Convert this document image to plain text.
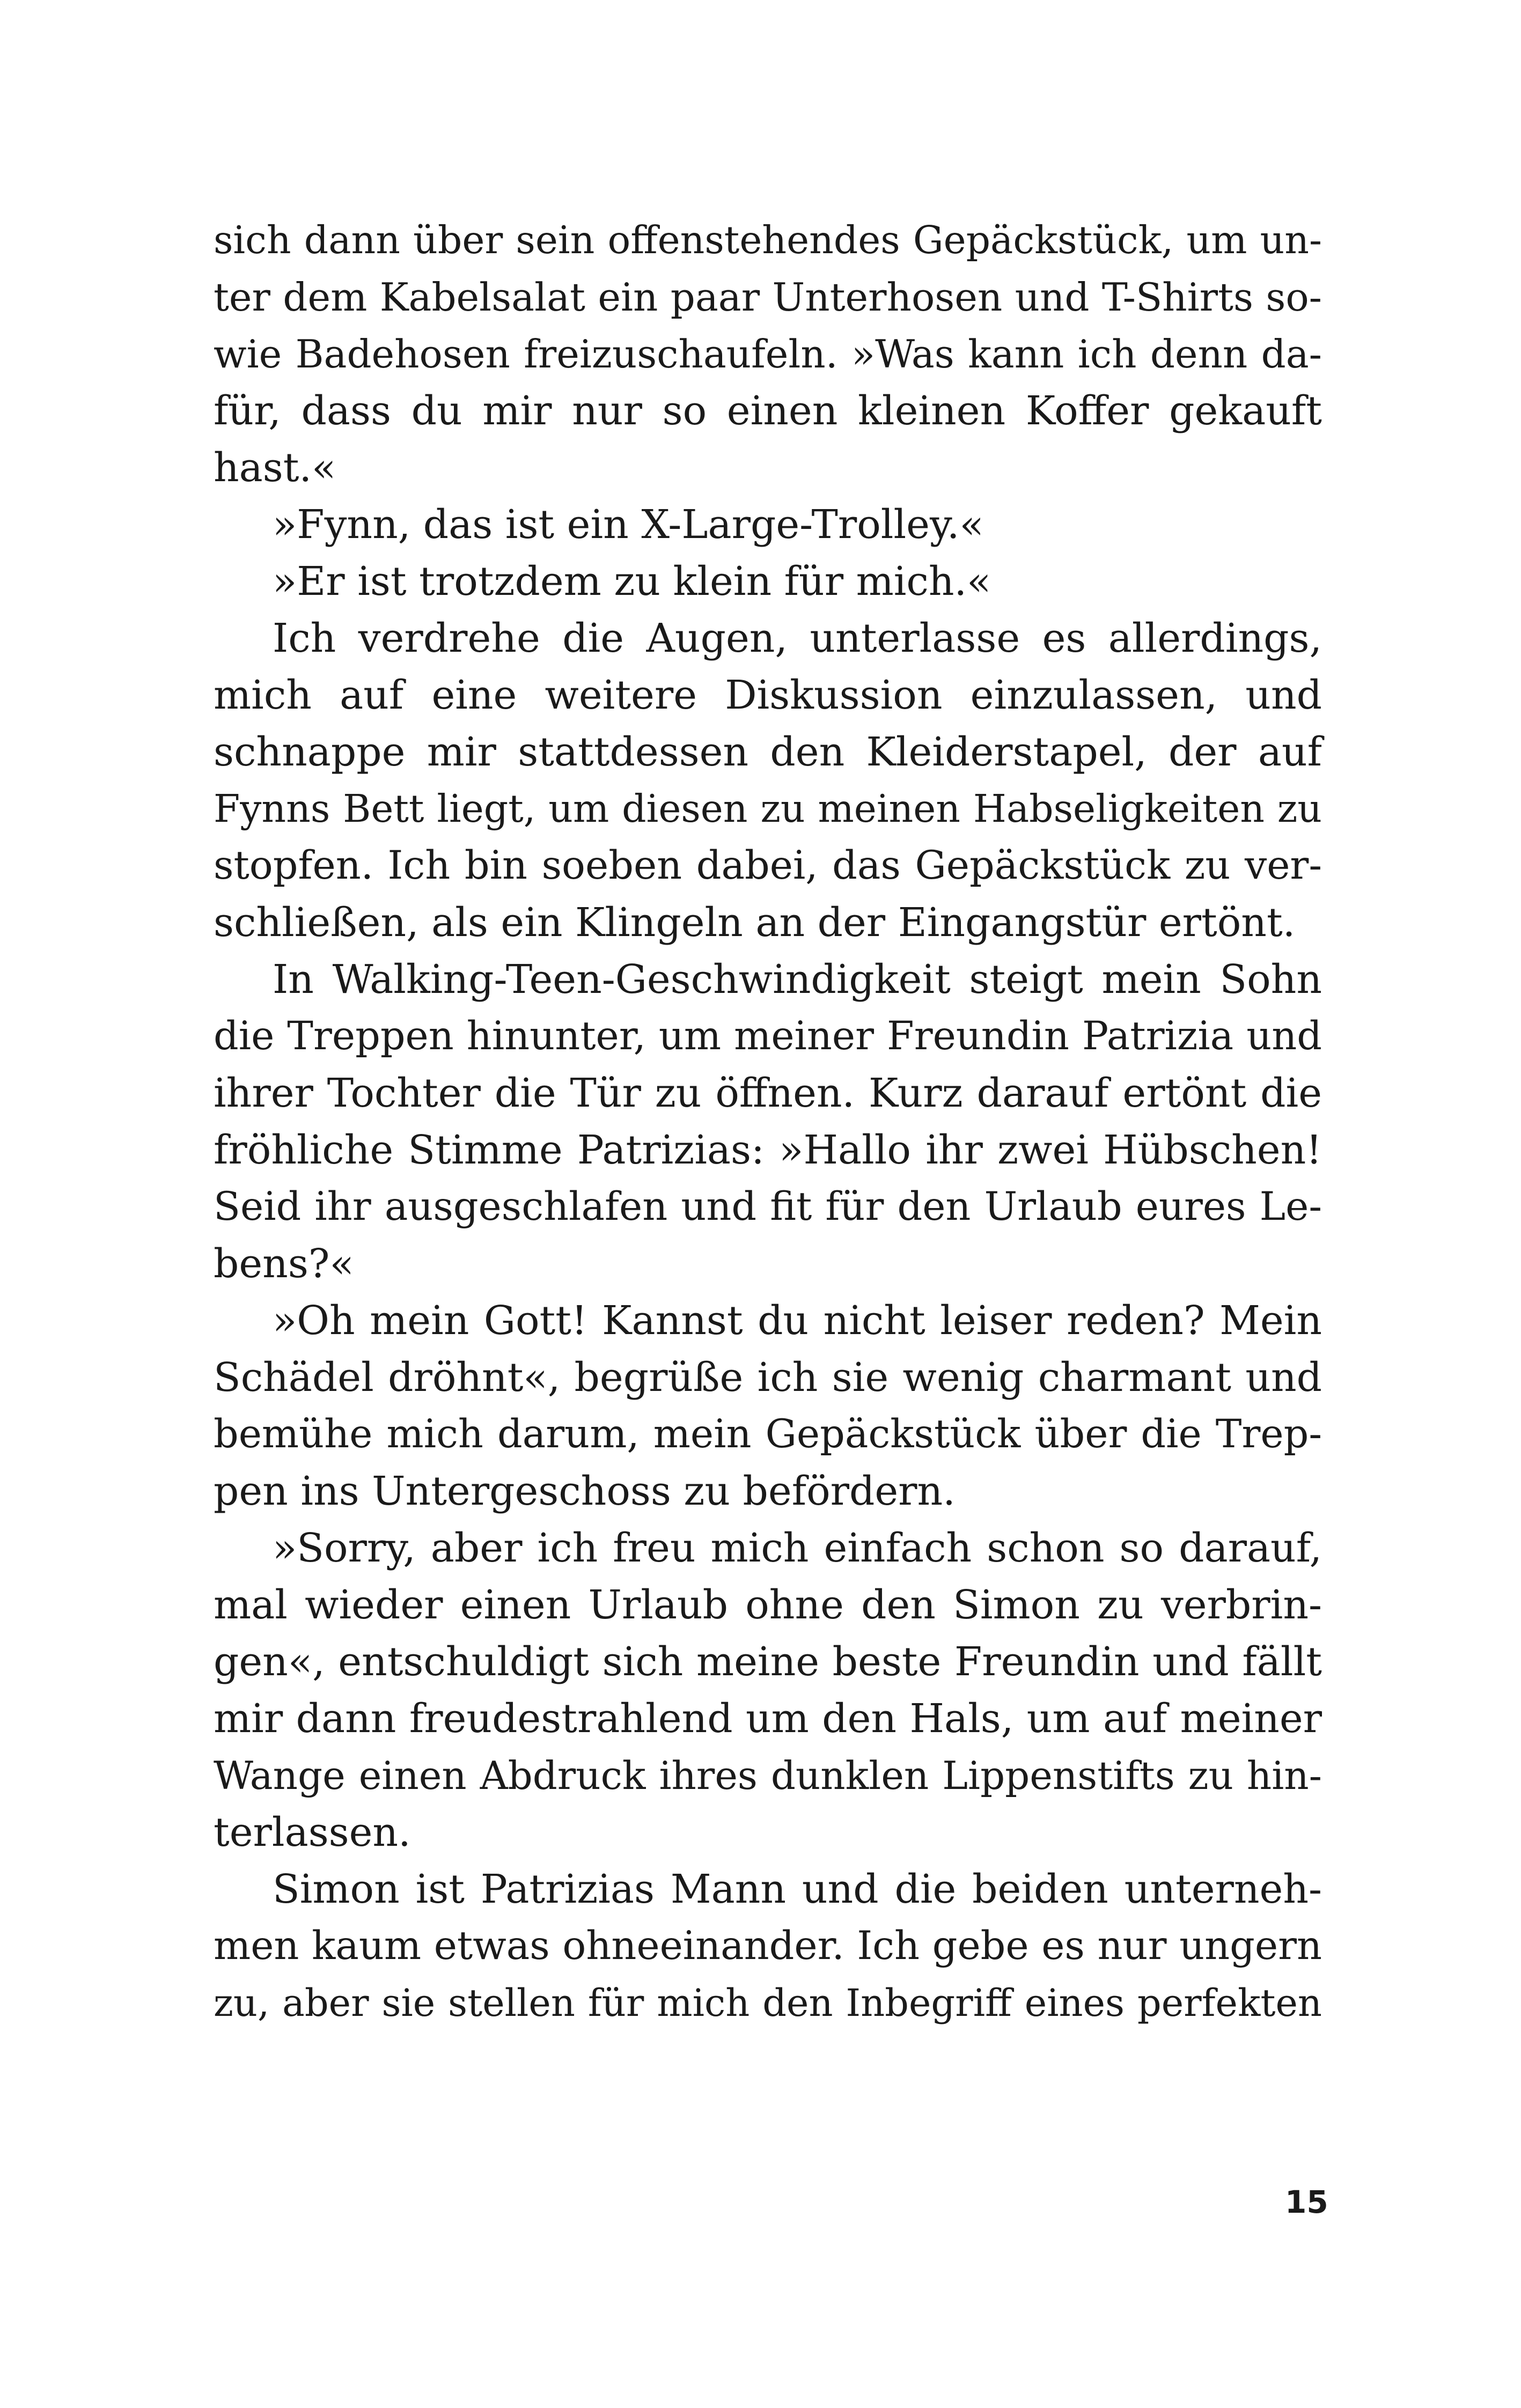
sich dann über sein offenstehendes Gepäckstück, um un-
ter dem Kabelsalat ein paar Unterhosen und T-Shirts so-
wie Badehosen freizuschaufeln. »Was kann ich denn da-
für, dass du mir nur so einen kleinen Koffer gekauft
hast.«
»Fynn, das ist ein X-Large-Trolley.«
»Er ist trotzdem zu klein für mich.«
Ich verdrehe die Augen, unterlasse es allerdings,
mich auf eine weitere Diskussion einzulassen, und
schnappe mir stattdessen den Kleiderstapel, der auf
Fynns Bett liegt, um diesen zu meinen Habseligkeiten zu
stopfen. Ich bin soeben dabei, das Gepäckstück zu ver-
schließen, als ein Klingeln an der Eingangstür ertönt.
In Walking-Teen-Geschwindigkeit steigt mein Sohn
die Treppen hinunter, um meiner Freundin Patrizia und
ihrer Tochter die Tür zu öffnen. Kurz darauf ertönt die
fröhliche Stimme Patrizias: »Hallo ihr zwei Hübschen!
Seid ihr ausgeschlafen und fit für den Urlaub eures Le-
bens?«
»Oh mein Gott! Kannst du nicht leiser reden? Mein
Schädel dröhnt«, begrüße ich sie wenig charmant und
bemühe mich darum, mein Gepäckstück über die Trep-
pen ins Untergeschoss zu befördern.
»Sorry, aber ich freu mich einfach schon so darauf,
mal wieder einen Urlaub ohne den Simon zu verbrin-
gen«, entschuldigt sich meine beste Freundin und fällt
mir dann freudestrahlend um den Hals, um auf meiner
Wange einen Abdruck ihres dunklen Lippenstifts zu hin-
terlassen.
Simon ist Patrizias Mann und die beiden unterneh-
men kaum etwas ohneeinander. Ich gebe es nur ungern
zu, aber sie stellen für mich den Inbegriff eines perfekten
15
